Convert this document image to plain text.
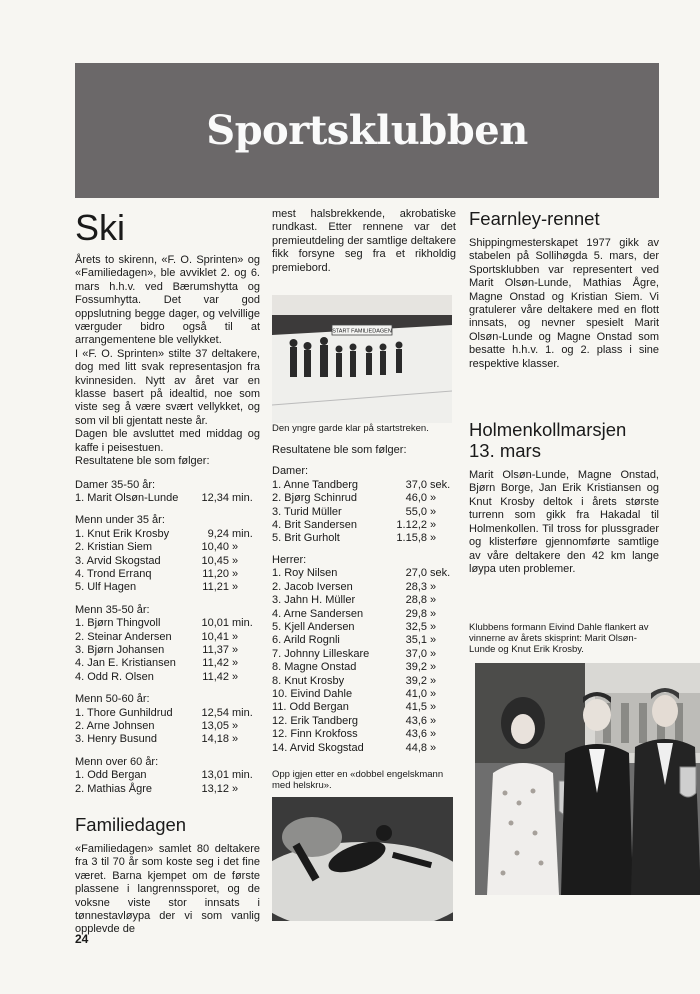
Sportsklubben
Ski

Årets to skirenn, «F. O. Sprinten» og «Familiedagen», ble avviklet 2. og 6. mars h.h.v. ved Bærumshytta og Fossumhytta. Det var god oppslutning begge dager, og velvillige værguder bidro også til at arrangementene ble vellykket.

I «F. O. Sprinten» stilte 37 deltakere, dog med litt svak representasjon fra kvinnesiden. Nytt av året var en klasse basert på idealtid, noe som viste seg å være svært vellykket, og som vil bli gjentatt neste år.

Dagen ble avsluttet med middag og kaffe i peisestuen.

Resultatene ble som følger:

Damer 35-50 år:

1. Marit Olsøn-Lunde	12,34 min.

Menn under 35 år:

1. Knut Erik Krosby	9,24 min.
2. Kristian Siem	10,40 »
3. Arvid Skogstad	10,45 »
4. Trond Erranq	11,20 »
5. Ulf Hagen	11,21 »

Menn 35-50 år:

1. Bjørn Thingvoll	10,01 min.
2. Steinar Andersen	10,41 »
3. Bjørn Johansen	11,37 »
4. Jan E. Kristiansen	11,42 »
4. Odd R. Olsen	11,42 »

Menn 50-60 år:

1. Thore Gunhildrud	12,54 min.
2. Arne Johnsen	13,05 »
3. Henry Busund	14,18 »

Menn over 60 år:

1. Odd Bergan	13,01 min.
2. Mathias Ågre	13,12 »
Familiedagen

«Familiedagen» samlet 80 deltakere fra 3 til 70 år som koste seg i det fine været. Barna kjempet om de første plassene i langrennssporet, og de voksne viste stor innsats i tønnestavløypa der vi som vanlig opplevde de

mest halsbrekkende, akrobatiske rundkast. Etter rennene var det premieutdeling der samtlige deltakere fikk forsyne seg fra et rikholdig premiebord.

START FAMILIEDAGEN

Den yngre garde klar på startstreken.

Resultatene ble som følger:

Damer:

1. Anne Tandberg	37,0 sek.
2. Bjørg Schinrud	46,0 »
3. Turid Müller	55,0 »
4. Brit Sandersen	1.12,2 »
5. Brit Gurholt	1.15,8 »

Herrer:

1. Roy Nilsen	27,0 sek.
2. Jacob Iversen	28,3 »
3. Jahn H. Müller	28,8 »
4. Arne Sandersen	29,8 »
5. Kjell Andersen	32,5 »
6. Arild Rognli	35,1 »
7. Johnny Lilleskare	37,0 »
8. Magne Onstad	39,2 »
8. Knut Krosby	39,2 »
10. Eivind Dahle	41,0 »
11. Odd Bergan	41,5 »
12. Erik Tandberg	43,6 »
12. Finn Krokfoss	43,6 »
14. Arvid Skogstad	44,8 »

Opp igjen etter en «dobbel engelskmann med helskru».

Fearnley-rennet

Shippingmesterskapet 1977 gikk av stabelen på Sollihøgda 5. mars, der Sportsklubben var representert ved Marit Olsøn-Lunde, Mathias Ågre, Magne Onstad og Kristian Siem. Vi gratulerer våre deltakere med en flott innsats, og nevner spesielt Marit Olsøn-Lunde og Magne Onstad som besatte h.h.v. 1. og 2. plass i sine respektive klasser.

Holmenkollmarsjen 13. mars

Marit Olsøn-Lunde, Magne Onstad, Bjørn Borge, Jan Erik Kristiansen og Knut Krosby deltok i årets største turrenn som gikk fra Hakadal til Holmenkollen. Til tross for plussgrader og klisterføre gjennomførte samtlige av våre deltakere den 42 km lange løypa uten problemer.

Klubbens formann Eivind Dahle flankert av vinnerne av årets skisprint: Marit Olsøn-Lunde og Knut Erik Krosby.

24
